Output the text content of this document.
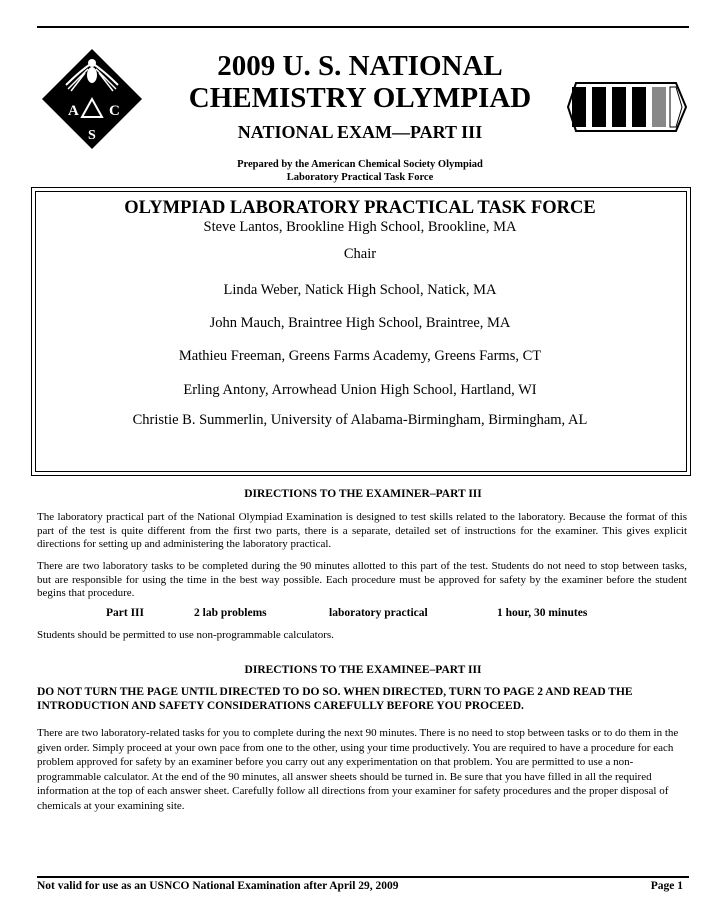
A C
S
2009 U. S. NATIONAL
CHEMISTRY OLYMPIAD
NATIONAL EXAM—PART III
Prepared by the American Chemical Society Olympiad
Laboratory Practical Task Force
OLYMPIAD LABORATORY PRACTICAL TASK FORCE
Steve Lantos, Brookline High School, Brookline, MA
Chair
Linda Weber, Natick High School, Natick, MA
John Mauch, Braintree High School, Braintree, MA
Mathieu Freeman, Greens Farms Academy, Greens Farms, CT
Erling Antony, Arrowhead Union High School, Hartland, WI
Christie B. Summerlin, University of Alabama-Birmingham, Birmingham, AL
DIRECTIONS TO THE EXAMINER–PART III
The laboratory practical part of the National Olympiad Examination is designed to test skills related to the laboratory. Because the format of this part of the test is quite different from the first two parts, there is a separate, detailed set of instructions for the examiner. This gives explicit directions for setting up and administering the laboratory practical.
There are two laboratory tasks to be completed during the 90 minutes allotted to this part of the test. Students do not need to stop between tasks, but are responsible for using the time in the best way possible. Each procedure must be approved for safety by the examiner before the student begins that procedure.
Part III	2 lab problems	laboratory practical	1 hour, 30 minutes
Students should be permitted to use non-programmable calculators.
DIRECTIONS TO THE EXAMINEE–PART III
DO NOT TURN THE PAGE UNTIL DIRECTED TO DO SO. WHEN DIRECTED, TURN TO PAGE 2 AND READ THE INTRODUCTION AND SAFETY CONSIDERATIONS CAREFULLY BEFORE YOU PROCEED.
There are two laboratory-related tasks for you to complete during the next 90 minutes. There is no need to stop between tasks or to do them in the given order. Simply proceed at your own pace from one to the other, using your time productively. You are required to have a procedure for each problem approved for safety by an examiner before you carry out any experimentation on that problem. You are permitted to use a non-programmable calculator. At the end of the 90 minutes, all answer sheets should be turned in. Be sure that you have filled in all the required information at the top of each answer sheet. Carefully follow all directions from your examiner for safety procedures and the proper disposal of chemicals at your examining site.
Not valid for use as an USNCO National Examination after April 29, 2009	Page 1
